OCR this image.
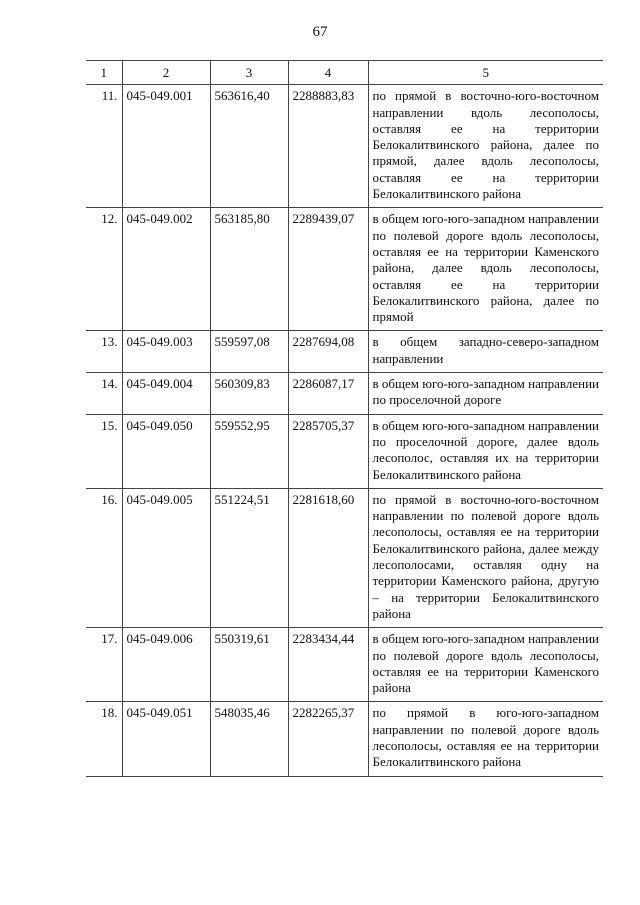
67
1	2	3	4	5
11.	045-049.001	563616,40	2288883,83	по прямой в восточно-юго-восточном направлении вдоль лесополосы, оставляя ее на территории Белокалитвинского района, далее по прямой, далее вдоль лесополосы, оставляя ее на территории Белокалитвинского района
12.	045-049.002	563185,80	2289439,07	в общем юго-юго-западном направлении по полевой дороге вдоль лесополосы, оставляя ее на территории Каменского района, далее вдоль лесополосы, оставляя ее на территории Белокалитвинского района, далее по прямой
13.	045-049.003	559597,08	2287694,08	в общем западно-северо-западном направлении
14.	045-049.004	560309,83	2286087,17	в общем юго-юго-западном направлении по проселочной дороге
15.	045-049.050	559552,95	2285705,37	в общем юго-юго-западном направлении по проселочной дороге, далее вдоль лесополос, оставляя их на территории Белокалитвинского района
16.	045-049.005	551224,51	2281618,60	по прямой в восточно-юго-восточном направлении по полевой дороге вдоль лесополосы, оставляя ее на территории Белокалитвинского района, далее между лесополосами, оставляя одну на территории Каменского района, другую – на территории Белокалитвинского района
17.	045-049.006	550319,61	2283434,44	в общем юго-юго-западном направлении по полевой дороге вдоль лесополосы, оставляя ее на территории Каменского района
18.	045-049.051	548035,46	2282265,37	по прямой в юго-юго-западном направлении по полевой дороге вдоль лесополосы, оставляя ее на территории Белокалитвинского района
